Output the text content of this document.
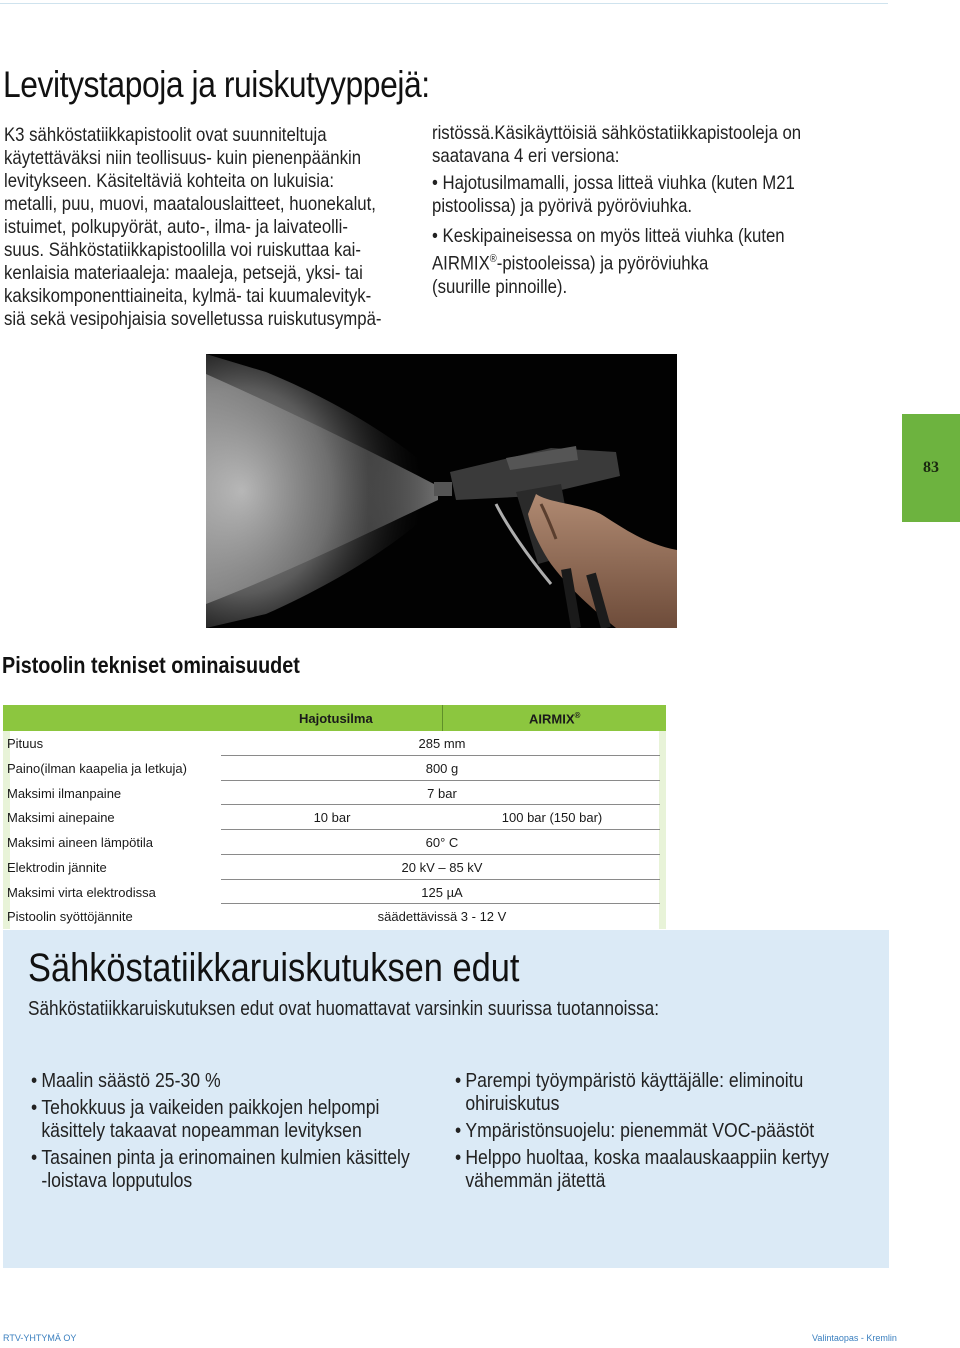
Levitystapoja ja ruiskutyyppejä:

K3 sähköstatiikkapistoolit ovat suunniteltuja
käytettäväksi niin teollisuus- kuin pienenpäänkin
levitykseen. Käsiteltäviä kohteita on lukuisia:
metalli, puu, muovi, maatalouslaitteet, huonekalut,
istuimet, polkupyörät, auto-, ilma- ja laivateolli-
suus. Sähköstatiikkapistoolilla voi ruiskuttaa kai-
kenlaisia materiaaleja: maaleja, petsejä, yksi- tai
kaksikomponenttiaineita, kylmä- tai kuumalevityk-
siä sekä vesipohjaisia sovelletussa ruiskutusympä-

ristössä.Käsikäyttöisiä sähköstatiikkapistooleja on
saatavana 4 eri versiona:

• Hajotusilmamalli, jossa litteä viuhka (kuten M21
pistoolissa) ja pyörivä pyöröviuhka.

• Keskipaineisessa on myös litteä viuhka (kuten
AIRMIX®-pistooleissa) ja pyöröviuhka
(suurille pinnoille).

83
Pistoolin tekniset ominaisuudet
Hajotusilma	AIRMIX®
Pituus	285 mm
Paino(ilman kaapelia ja letkuja)	800 g
Maksimi ilmanpaine	7 bar
Maksimi ainepaine	10 bar	100 bar (150 bar)
Maksimi aineen lämpötila	60° C
Elektrodin jännite	20 kV – 85 kV
Maksimi virta elektrodissa	125 µA
Pistoolin syöttöjännite	säädettävissä 3 - 12 V
Sähköstatiikkaruiskutuksen edut

Sähköstatiikkaruiskutuksen edut ovat huomattavat varsinkin suurissa tuotannoissa:

• Maalin säästö 25-30 %
• Tehokkuus ja vaikeiden paikkojen helpompi
käsittely takaavat nopeamman levityksen
• Tasainen pinta ja erinomainen kulmien käsittely
-loistava lopputulos
• Parempi työympäristö käyttäjälle: eliminoitu
ohiruiskutus
• Ympäristönsuojelu: pienemmät VOC-päästöt
• Helppo huoltaa, koska maalauskaappiin kertyy
vähemmän jätettä
RTV-YHTYMÄ OY	Valintaopas - Kremlin
